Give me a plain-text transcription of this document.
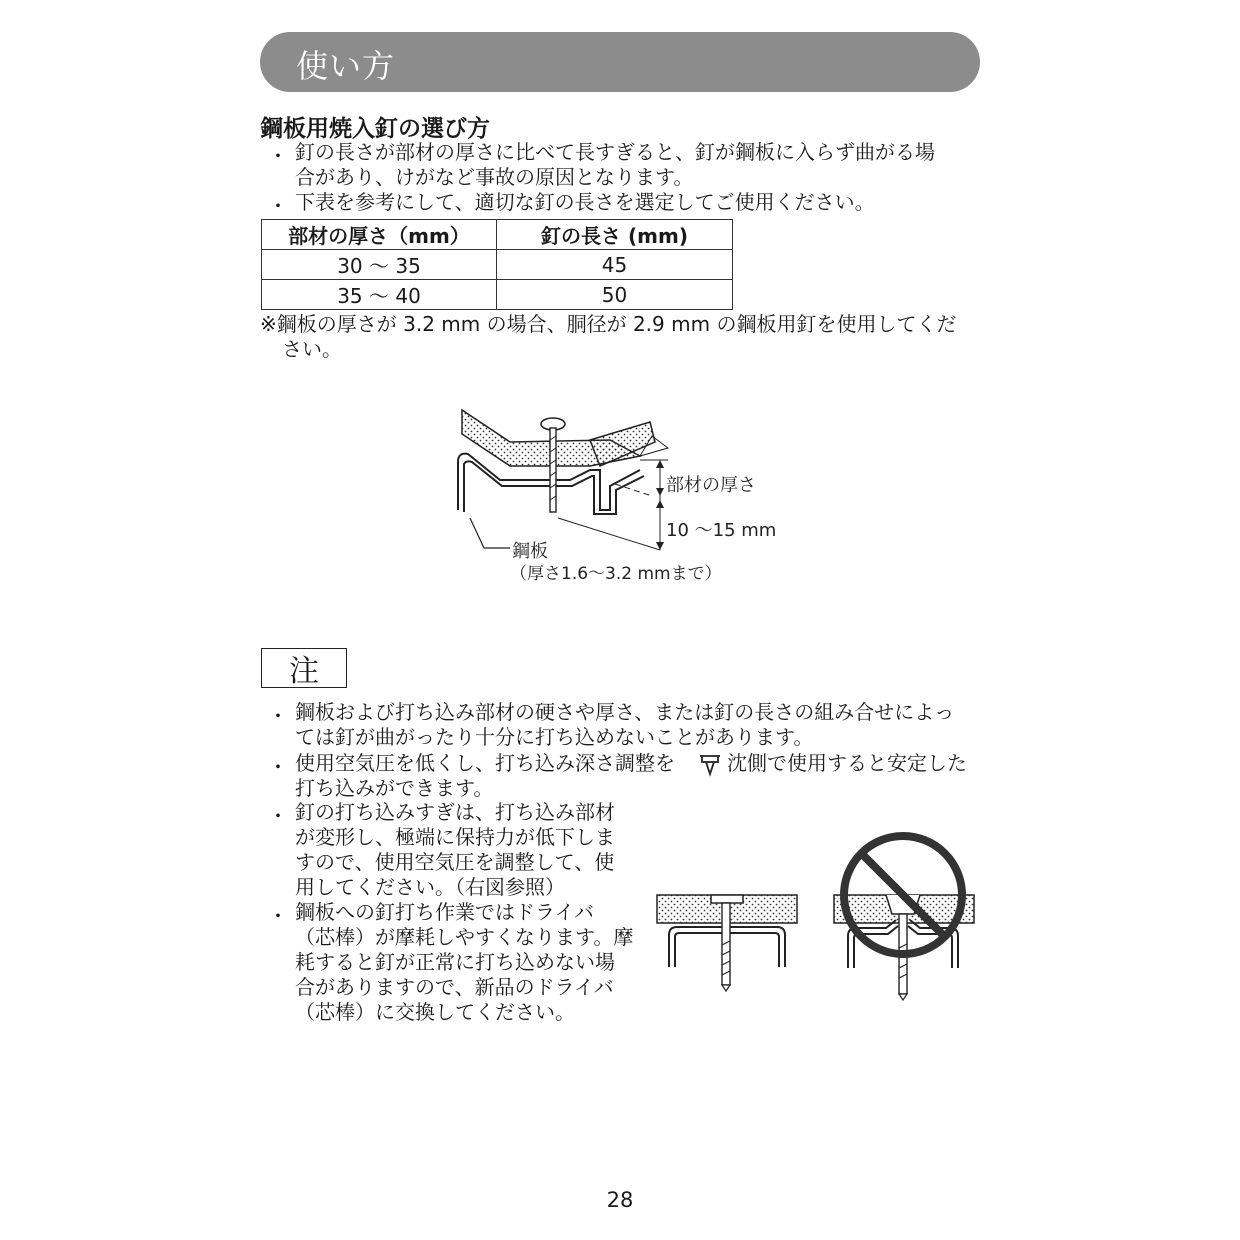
使い方
鋼板用焼入釘の選び方
・ 釘の長さが部材の厚さに比べて長すぎると、釘が鋼板に入らず曲がる場
合があり、けがなど事故の原因となります。
・ 下表を参考にして、適切な釘の長さを選定してご使用ください。
部材の厚さ（mm）	釘の長さ (mm)
30 ～ 35	45
35 ～ 40	50
※鋼板の厚さが 3.2 mm の場合、胴径が 2.9 mm の鋼板用釘を使用してくだ
さい。
部材の厚さ
10 ～15 mm
鋼板
（厚さ1.6～3.2 mmまで）
注
・ 鋼板および打ち込み部材の硬さや厚さ、または釘の長さの組み合せによっ
ては釘が曲がったり十分に打ち込めないことがあります。
・ 使用空気圧を低くし、打ち込み深さ調整を	沈側で使用すると安定した
打ち込みができます。
・ 釘の打ち込みすぎは、打ち込み部材
が変形し、極端に保持力が低下しま
すので、使用空気圧を調整して、使
用してください。（右図参照）
・ 鋼板への釘打ち作業ではドライバ
（芯棒）が摩耗しやすくなります。摩
耗すると釘が正常に打ち込めない場
合がありますので、新品のドライバ
（芯棒）に交換してください。
28
